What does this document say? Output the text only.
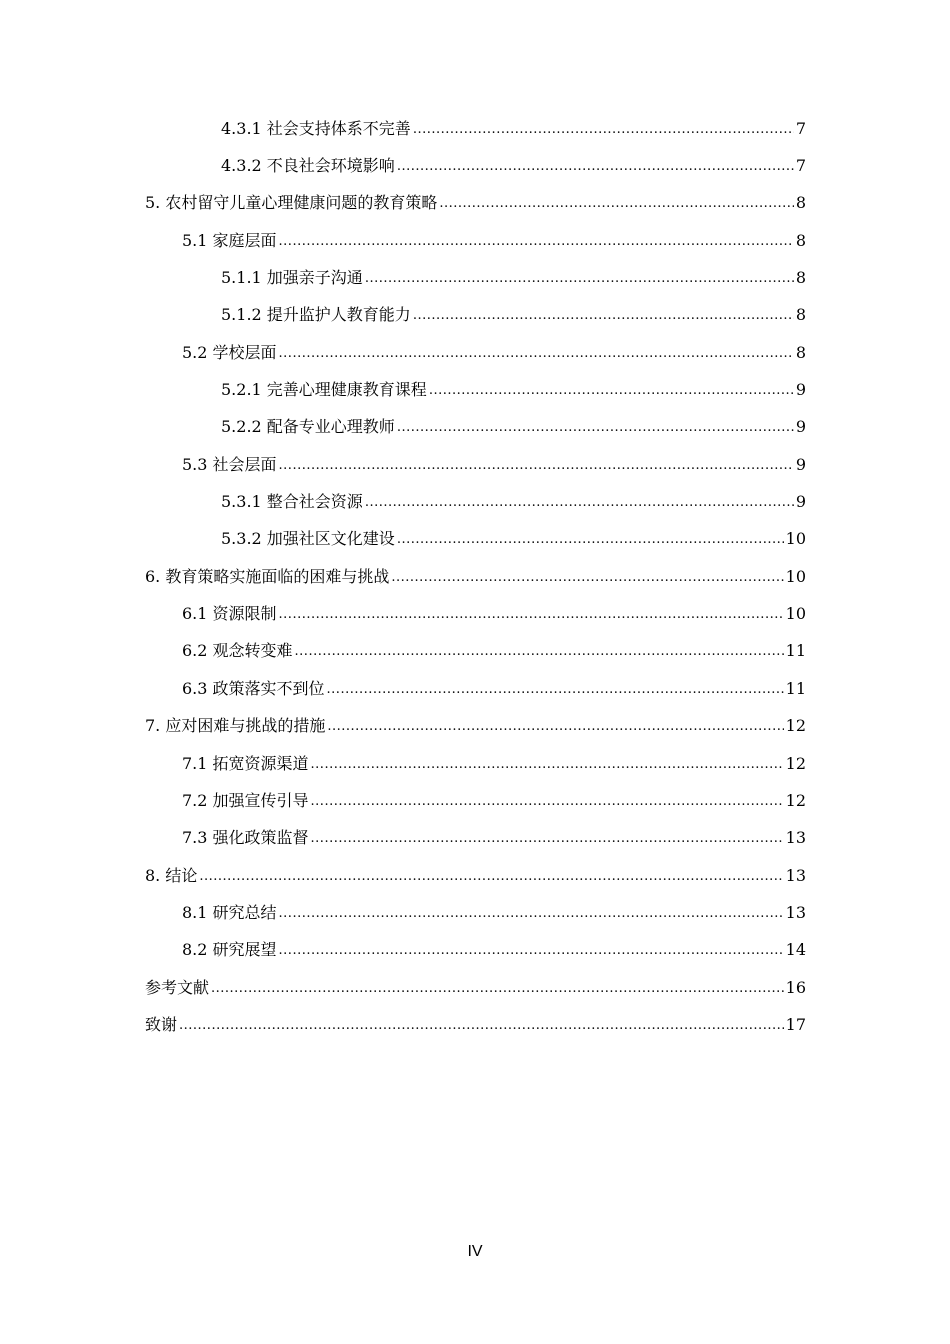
4.3.1 社会支持体系不完善 .....	7
4.3.2 不良社会环境影响 .....	7
5. 农村留守儿童心理健康问题的教育策略 .....	8
5.1 家庭层面 .....	8
5.1.1 加强亲子沟通 .....	8
5.1.2 提升监护人教育能力 .....	8
5.2 学校层面 .....	8
5.2.1 完善心理健康教育课程 .....	9
5.2.2 配备专业心理教师 .....	9
5.3 社会层面 .....	9
5.3.1 整合社会资源 .....	9
5.3.2 加强社区文化建设 .....	10
6. 教育策略实施面临的困难与挑战 .....	10
6.1 资源限制 .....	10
6.2 观念转变难 .....	11
6.3 政策落实不到位 .....	11
7. 应对困难与挑战的措施 .....	12
7.1 拓宽资源渠道 .....	12
7.2 加强宣传引导 .....	12
7.3 强化政策监督 .....	13
8. 结论 .....	13
8.1 研究总结 .....	13
8.2 研究展望 .....	14
参考文献 .....	16
致谢 .....	17
IV
